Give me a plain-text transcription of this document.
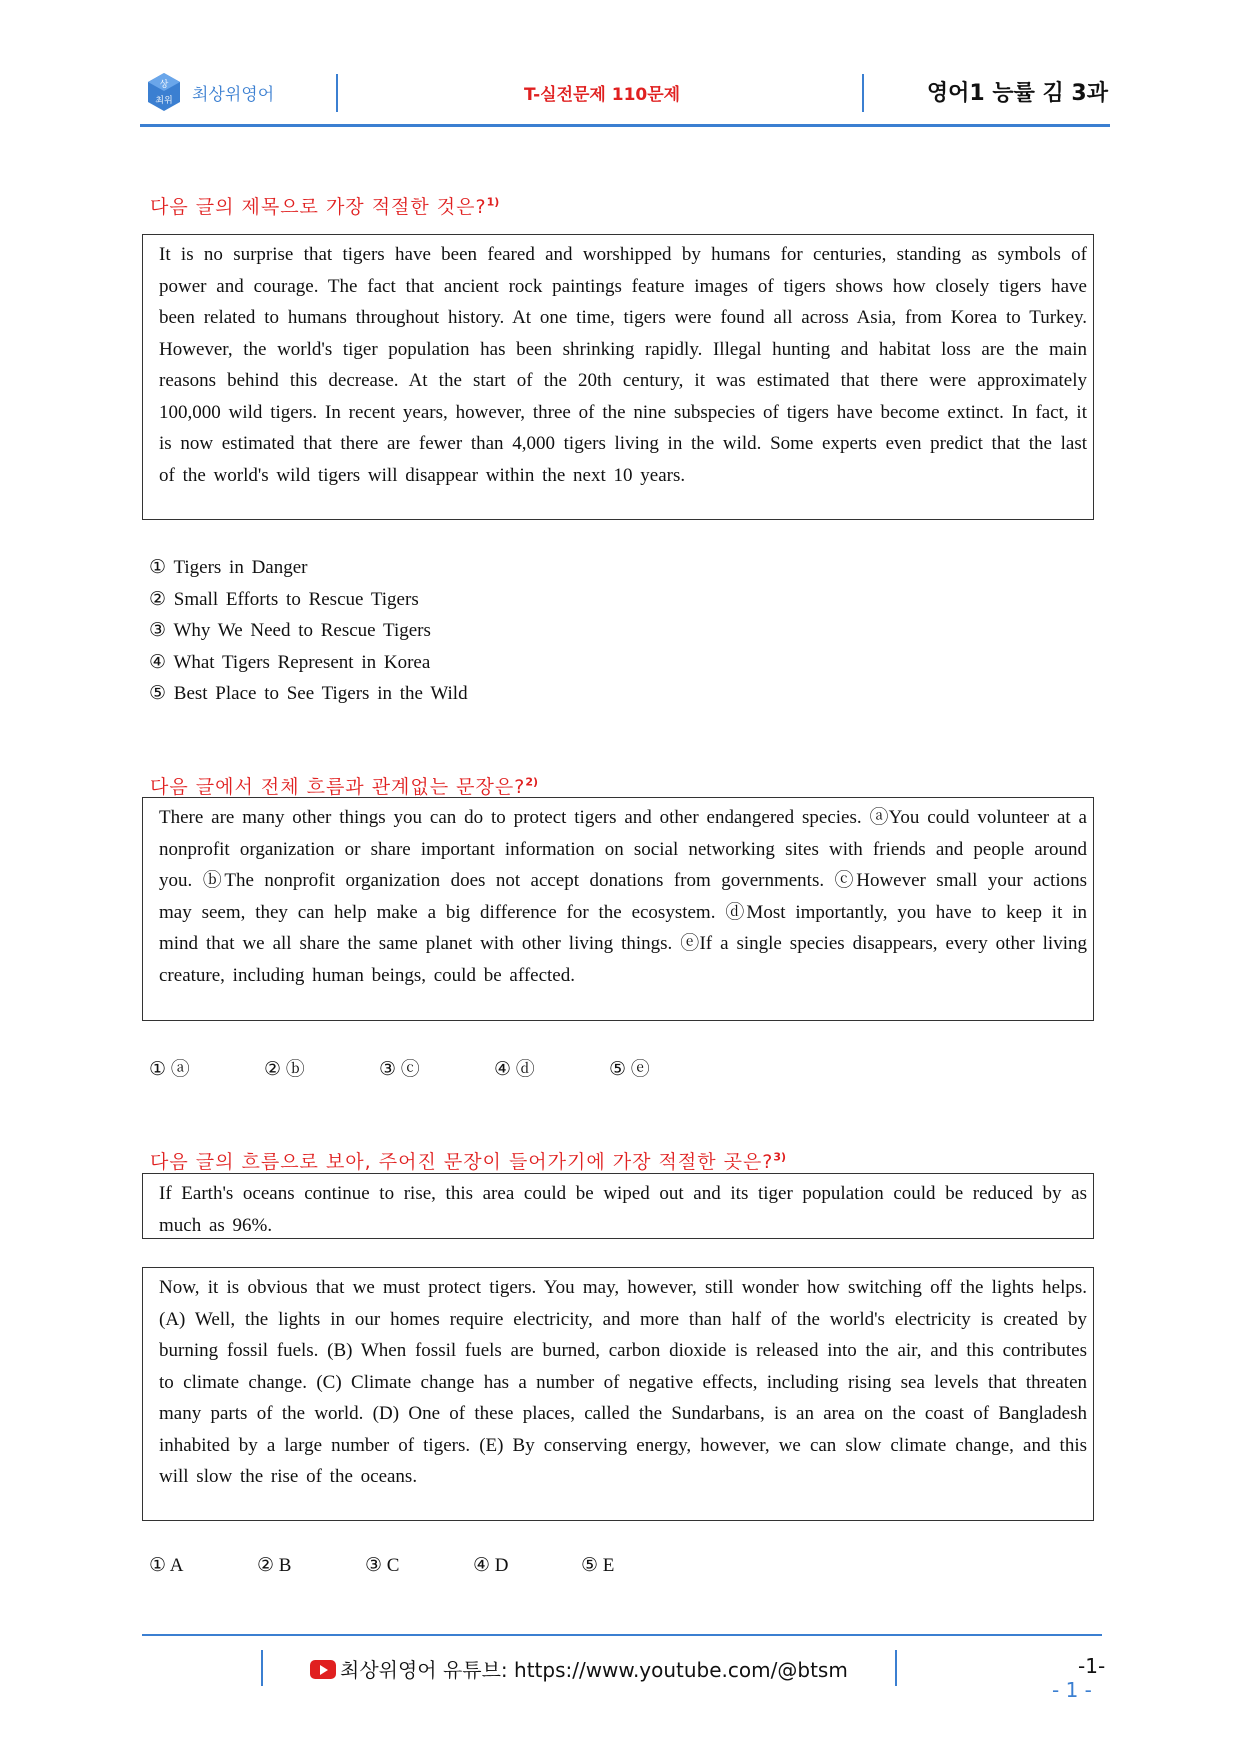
상
최위 최상위영어	T-실전문제 110문제	영어1 능률 김 3과
다음 글의 제목으로 가장 적절한 것은?$^{1)}$
It is no surprise that tigers have been feared and worshipped by humans for centuries, standing as symbols of power and courage. The fact that ancient rock paintings feature images of tigers shows how closely tigers have been related to humans throughout history. At one time, tigers were found all across Asia, from Korea to Turkey. However, the world's tiger population has been shrinking rapidly. Illegal hunting and habitat loss are the main reasons behind this decrease. At the start of the 20th century, it was estimated that there were approximately 100,000 wild tigers. In recent years, however, three of the nine subspecies of tigers have become extinct. In fact, it is now estimated that there are fewer than 4,000 tigers living in the wild. Some experts even predict that the last of the world's wild tigers will disappear within the next 10 years.
① Tigers in Danger
② Small Efforts to Rescue Tigers
③ Why We Need to Rescue Tigers
④ What Tigers Represent in Korea
⑤ Best Place to See Tigers in the Wild
다음 글에서 전체 흐름과 관계없는 문장은?$^{2)}$
There are many other things you can do to protect tigers and other endangered species. ⓐYou could volunteer at a nonprofit organization or share important information on social networking sites with friends and people around you. ⓑThe nonprofit organization does not accept donations from governments. ⓒHowever small your actions may seem, they can help make a big difference for the ecosystem. ⓓMost importantly, you have to keep it in mind that we all share the same planet with other living things. ⓔIf a single species disappears, every other living creature, including human beings, could be affected.
① ⓐ	② ⓑ	③ ⓒ	④ ⓓ	⑤ ⓔ
다음 글의 흐름으로 보아, 주어진 문장이 들어가기에 가장 적절한 곳은?$^{3)}$
If Earth's oceans continue to rise, this area could be wiped out and its tiger population could be reduced by as much as 96%.
Now, it is obvious that we must protect tigers. You may, however, still wonder how switching off the lights helps. (A) Well, the lights in our homes require electricity, and more than half of the world's electricity is created by burning fossil fuels. (B) When fossil fuels are burned, carbon dioxide is released into the air, and this contributes to climate change. (C) Climate change has a number of negative effects, including rising sea levels that threaten many parts of the world. (D) One of these places, called the Sundarbans, is an area on the coast of Bangladesh inhabited by a large number of tigers. (E) By conserving energy, however, we can slow climate change, and this will slow the rise of the oceans.
① A	② B	③ C	④ D	⑤ E
최상위영어 유튜브: https://www.youtube.com/@btsm	-1-
- 1 -
